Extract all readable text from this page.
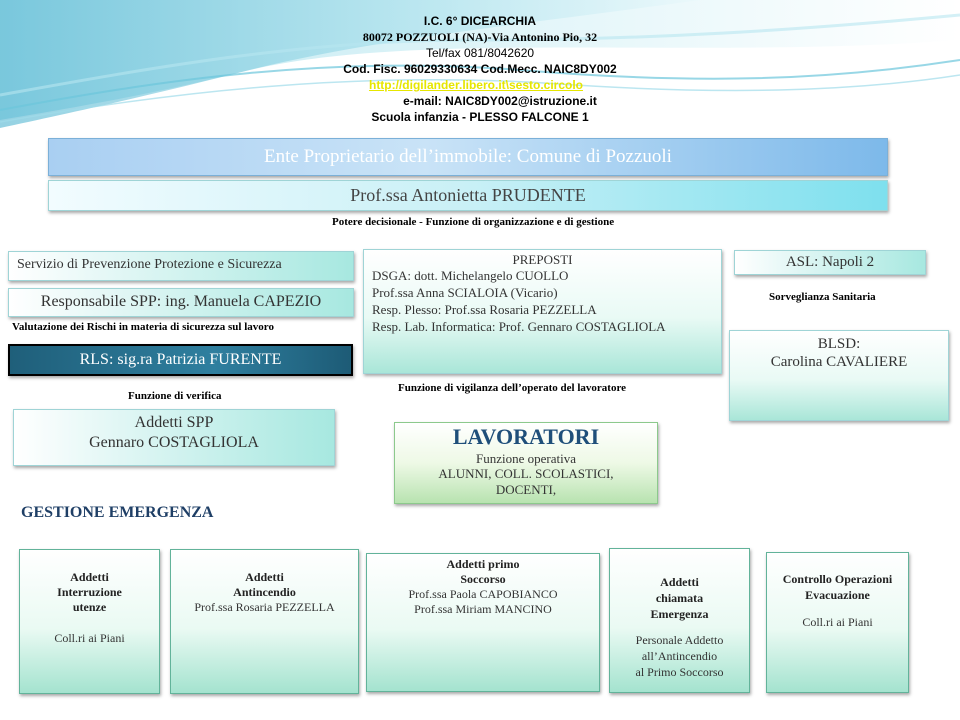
I.C. 6° DICEARCHIA
80072 POZZUOLI (NA)-Via Antonino Pio, 32
Tel/fax 081/8042620
Cod. Fisc. 96029330634 Cod.Mecc. NAIC8DY002
http://digilander.libero.it\sesto.circolo
e-mail: NAIC8DY002@istruzione.it
Scuola infanzia - PLESSO FALCONE 1
Ente Proprietario dell’immobile: Comune di Pozzuoli
Prof.ssa Antonietta PRUDENTE
Potere decisionale - Funzione di organizzazione e di gestione
Servizio di Prevenzione Protezione e Sicurezza
Responsabile SPP: ing. Manuela CAPEZIO
Valutazione dei Rischi in materia di sicurezza sul lavoro
RLS: sig.ra Patrizia FURENTE
Funzione di verifica
PREPOSTI
DSGA: dott. Michelangelo CUOLLO
Prof.ssa Anna SCIALOIA (Vicario)
Resp. Plesso: Prof.ssa Rosaria PEZZELLA
Resp. Lab. Informatica: Prof. Gennaro COSTAGLIOLA
Funzione di vigilanza dell’operato del lavoratore
ASL: Napoli 2
Sorveglianza Sanitaria
BLSD:
Carolina CAVALIERE
Addetti SPP
Gennaro COSTAGLIOLA	LAVORATORI
Funzione operativa
ALUNNI, COLL. SCOLASTICI,
DOCENTI,
GESTIONE EMERGENZA
Addetti
Interruzione
utenze
Coll.ri ai Piani
Addetti
Antincendio
Prof.ssa Rosaria PEZZELLA
Addetti primo
Soccorso
Prof.ssa Paola CAPOBIANCO
Prof.ssa Miriam MANCINO
Addetti
chiamata
Emergenza
Personale Addetto
all’Antincendio
al Primo Soccorso
Controllo Operazioni
Evacuazione
Coll.ri ai Piani
